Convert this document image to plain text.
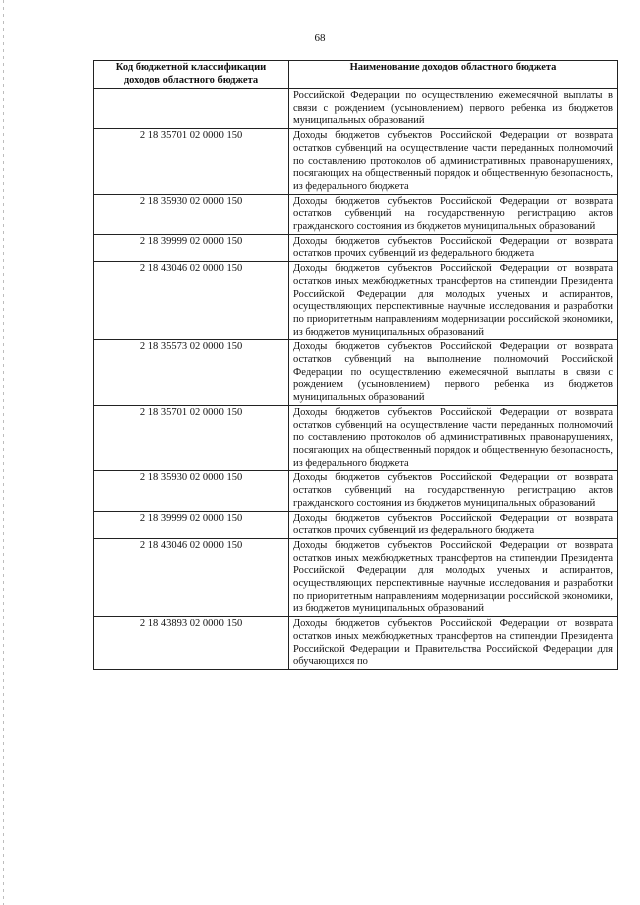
68
Код бюджетной классификации доходов областного бюджета	Наименование доходов областного бюджета
	Российской Федерации по осуществлению ежемесячной выплаты в связи с рождением (усыновлением) первого ребенка из бюджетов муниципальных образований
2 18 35701 02 0000 150	Доходы бюджетов субъектов Российской Федерации от возврата остатков субвенций на осуществление части переданных полномочий по составлению протоколов об административных правонарушениях, посягающих на общественный порядок и общественную безопасность, из федерального бюджета
2 18 35930 02 0000 150	Доходы бюджетов субъектов Российской Федерации от возврата остатков субвенций на государственную регистрацию актов гражданского состояния из бюджетов муниципальных образований
2 18 39999 02 0000 150	Доходы бюджетов субъектов Российской Федерации от возврата остатков прочих субвенций из федерального бюджета
2 18 43046 02 0000 150	Доходы бюджетов субъектов Российской Федерации от возврата остатков иных межбюджетных трансфертов на стипендии Президента Российской Федерации для молодых ученых и аспирантов, осуществляющих перспективные научные исследования и разработки по приоритетным направлениям модернизации российской экономики, из бюджетов муниципальных образований
2 18 35573 02 0000 150	Доходы бюджетов субъектов Российской Федерации от возврата остатков субвенций на выполнение полномочий Российской Федерации по осуществлению ежемесячной выплаты в связи с рождением (усыновлением) первого ребенка из бюджетов муниципальных образований
2 18 35701 02 0000 150	Доходы бюджетов субъектов Российской Федерации от возврата остатков субвенций на осуществление части переданных полномочий по составлению протоколов об административных правонарушениях, посягающих на общественный порядок и общественную безопасность, из федерального бюджета
2 18 35930 02 0000 150	Доходы бюджетов субъектов Российской Федерации от возврата остатков субвенций на государственную регистрацию актов гражданского состояния из бюджетов муниципальных образований
2 18 39999 02 0000 150	Доходы бюджетов субъектов Российской Федерации от возврата остатков прочих субвенций из федерального бюджета
2 18 43046 02 0000 150	Доходы бюджетов субъектов Российской Федерации от возврата остатков иных межбюджетных трансфертов на стипендии Президента Российской Федерации для молодых ученых и аспирантов, осуществляющих перспективные научные исследования и разработки по приоритетным направлениям модернизации российской экономики, из бюджетов муниципальных образований
2 18 43893 02 0000 150	Доходы бюджетов субъектов Российской Федерации от возврата остатков иных межбюджетных трансфертов на стипендии Президента Российской Федерации и Правительства Российской Федерации для обучающихся по
